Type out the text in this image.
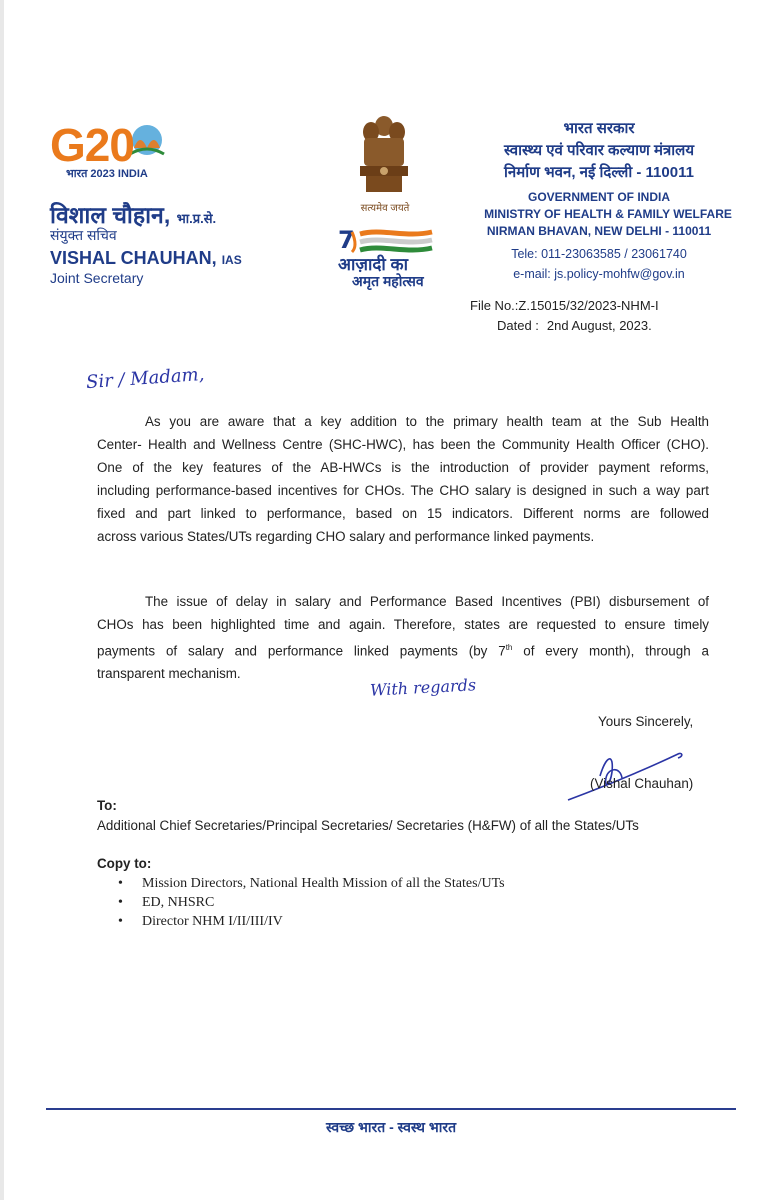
G20
भारत 2023 INDIA
विशाल चौहान, भा.प्र.से.
संयुक्त सचिव
VISHAL CHAUHAN, IAS
Joint Secretary
सत्यमेव जयते
7
आज़ादी का
अमृत महोत्सव
भारत सरकार
स्वास्थ्य एवं परिवार कल्याण मंत्रालय
निर्माण भवन, नई दिल्ली - 110011
GOVERNMENT OF INDIA
MINISTRY OF HEALTH & FAMILY WELFARE
NIRMAN BHAVAN, NEW DELHI - 110011
Tele: 011-23063585 / 23061740
e-mail: js.policy-mohfw@gov.in
File No.:Z.15015/32/2023-NHM-I
Dated : 2nd August, 2023.
Sir / Madam,
As you are aware that a key addition to the primary health team at the Sub Health
Center- Health and Wellness Centre (SHC-HWC), has been the Community Health Officer (CHO).
One of the key features of the AB-HWCs is the introduction of provider payment reforms,
including performance-based incentives for CHOs. The CHO salary is designed in such a way part
fixed and part linked to performance, based on 15 indicators. Different norms are followed
across various States/UTs regarding CHO salary and performance linked payments.
The issue of delay in salary and Performance Based Incentives (PBI) disbursement of
CHOs has been highlighted time and again. Therefore, states are requested to ensure timely
payments of salary and performance linked payments (by 7th of every month), through a
transparent mechanism.
With regards
Yours Sincerely,
(Vishal Chauhan)
To:
Additional Chief Secretaries/Principal Secretaries/ Secretaries (H&FW) of all the States/UTs
Copy to:
• Mission Directors, National Health Mission of all the States/UTs
• ED, NHSRC
• Director NHM I/II/III/IV
स्वच्छ भारत - स्वस्थ भारत
